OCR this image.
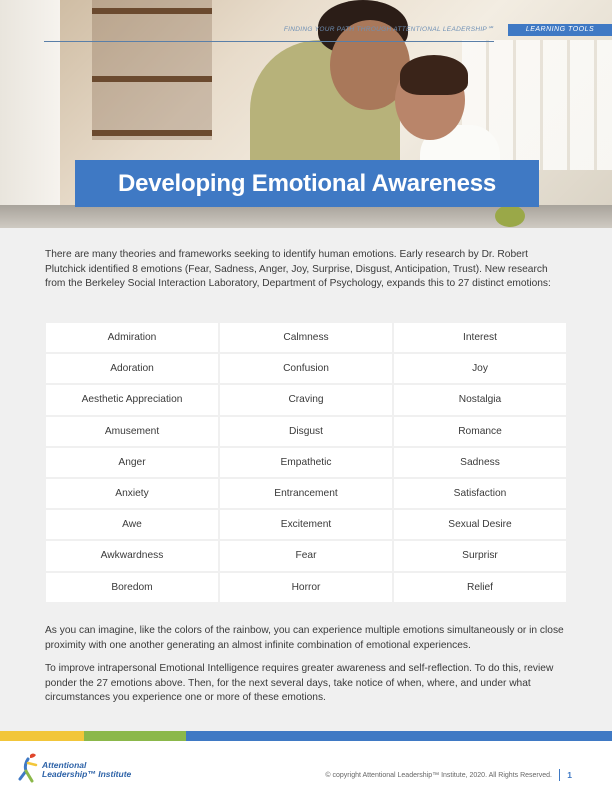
FINDING YOUR PATH THROUGH ATTENTIONAL LEADERSHIP℠	LEARNING TOOLS
Developing Emotional Awareness

There are many theories and frameworks seeking to identify human emotions. Early research by Dr. Robert Plutchick identified 8 emotions (Fear, Sadness, Anger, Joy, Surprise, Disgust, Anticipation, Trust). New research from the Berkeley Social Interaction Laboratory, Department of Psychology, expands this to 27 distinct emotions:

Admiration	Calmness	Interest
Adoration	Confusion	Joy
Aesthetic Appreciation	Craving	Nostalgia
Amusement	Disgust	Romance
Anger	Empathetic	Sadness
Anxiety	Entrancement	Satisfaction
Awe	Excitement	Sexual Desire
Awkwardness	Fear	Surprisr
Boredom	Horror	Relief

As you can imagine, like the colors of the rainbow, you can experience multiple emotions simultaneously or in close proximity with one another generating an almost infinite combination of emotional experiences.

To improve intrapersonal Emotional Intelligence requires greater awareness and self-reflection. To do this, review ponder the 27 emotions above. Then, for the next several days, take notice of when, where, and under what circumstances you experience one or more of these emotions.

Attentional
Leadership™ Institute	© copyright Attentional Leadership™ Institute, 2020. All Rights Reserved. 1
